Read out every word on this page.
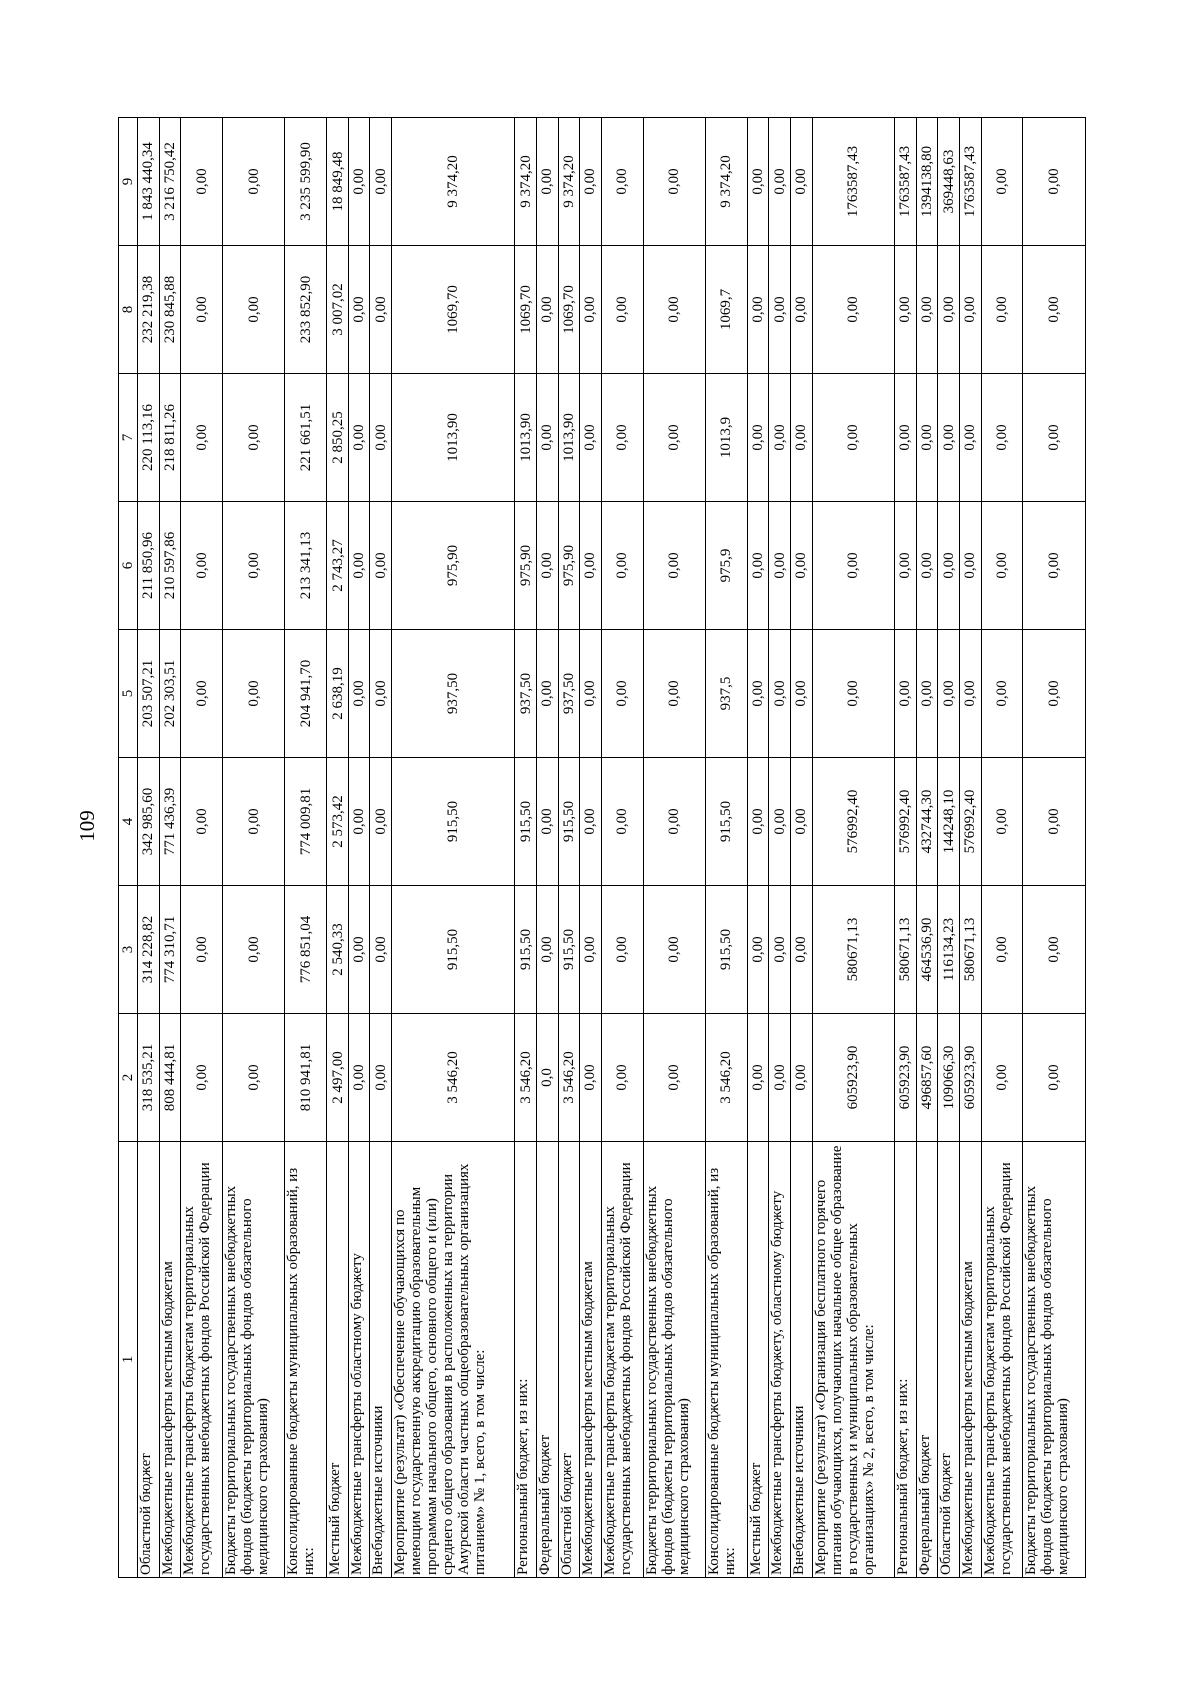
109
1	2	3	4	5	6	7	8	9
Областной бюджет	318 535,21	314 228,82	342 985,60	203 507,21	211 850,96	220 113,16	232 219,38	1 843 440,34
Межбюджетные трансферты местным бюджетам	808 444,81	774 310,71	771 436,39	202 303,51	210 597,86	218 811,26	230 845,88	3 216 750,42
Межбюджетные трансферты бюджетам территориальных государственных внебюджетных фондов Российской Федерации	0,00	0,00	0,00	0,00	0,00	0,00	0,00	0,00
Бюджеты территориальных государственных внебюджетных фондов (бюджеты территориальных фондов обязательного медицинского страхования)	0,00	0,00	0,00	0,00	0,00	0,00	0,00	0,00
Консолидированные бюджеты муниципальных образований, из них:	810 941,81	776 851,04	774 009,81	204 941,70	213 341,13	221 661,51	233 852,90	3 235 599,90
Местный бюджет	2 497,00	2 540,33	2 573,42	2 638,19	2 743,27	2 850,25	3 007,02	18 849,48
Межбюджетные трансферты областному бюджету	0,00	0,00	0,00	0,00	0,00	0,00	0,00	0,00
Внебюджетные источники	0,00	0,00	0,00	0,00	0,00	0,00	0,00	0,00
Мероприятие (результат) «Обеспечение обучающихся по имеющим государственную аккредитацию образовательным программам начального общего, основного общего и (или) среднего общего образования в расположенных на территории Амурской области частных общеобразовательных организациях питанием» № 1, всего, в том числе:	3 546,20	915,50	915,50	937,50	975,90	1013,90	1069,70	9 374,20
Региональный бюджет, из них:	3 546,20	915,50	915,50	937,50	975,90	1013,90	1069,70	9 374,20
Федеральный бюджет	0,0	0,00	0,00	0,00	0,00	0,00	0,00	0,00
Областной бюджет	3 546,20	915,50	915,50	937,50	975,90	1013,90	1069,70	9 374,20
Межбюджетные трансферты местным бюджетам	0,00	0,00	0,00	0,00	0,00	0,00	0,00	0,00
Межбюджетные трансферты бюджетам территориальных государственных внебюджетных фондов Российской Федерации	0,00	0,00	0,00	0,00	0,00	0,00	0,00	0,00
Бюджеты территориальных государственных внебюджетных фондов (бюджеты территориальных фондов обязательного медицинского страхования)	0,00	0,00	0,00	0,00	0,00	0,00	0,00	0,00
Консолидированные бюджеты муниципальных образований, из них:	3 546,20	915,50	915,50	937,5	975,9	1013,9	1069,7	9 374,20
Местный бюджет	0,00	0,00	0,00	0,00	0,00	0,00	0,00	0,00
Межбюджетные трансферты бюджету, областному бюджету	0,00	0,00	0,00	0,00	0,00	0,00	0,00	0,00
Внебюджетные источники	0,00	0,00	0,00	0,00	0,00	0,00	0,00	0,00
Мероприятие (результат) «Организация бесплатного горячего питания обучающихся, получающих начальное общее образование в государственных и муниципальных образовательных организациях» № 2, всего, в том числе:	605923,90	580671,13	576992,40	0,00	0,00	0,00	0,00	1763587,43
Региональный бюджет, из них:	605923,90	580671,13	576992,40	0,00	0,00	0,00	0,00	1763587,43
Федеральный бюджет	496857,60	464536,90	432744,30	0,00	0,00	0,00	0,00	1394138,80
Областной бюджет	109066,30	116134,23	144248,10	0,00	0,00	0,00	0,00	369448,63
Межбюджетные трансферты местным бюджетам	605923,90	580671,13	576992,40	0,00	0,00	0,00	0,00	1763587,43
Межбюджетные трансферты бюджетам территориальных государственных внебюджетных фондов Российской Федерации	0,00	0,00	0,00	0,00	0,00	0,00	0,00	0,00
Бюджеты территориальных государственных внебюджетных фондов (бюджеты территориальных фондов обязательного медицинского страхования)	0,00	0,00	0,00	0,00	0,00	0,00	0,00	0,00
